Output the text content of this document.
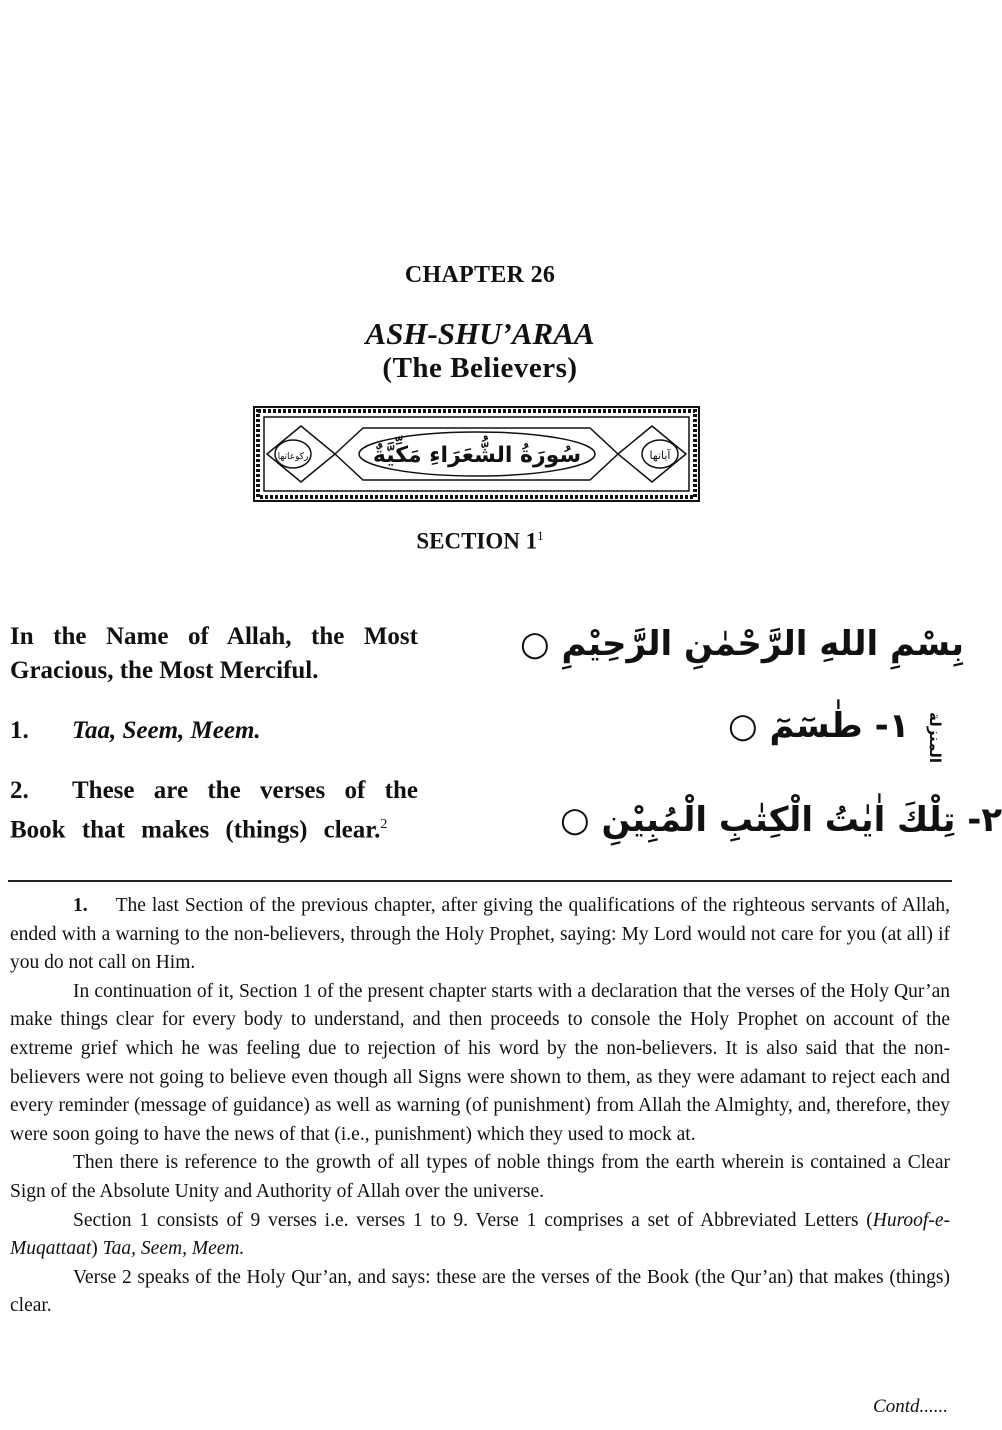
CHAPTER 26
ASH-SHU’ARAA
(The Believers)
سُورَةُ الشُّعَرَاءِ مَكِّيَّةٌ	آياتها
ركوعاتها
SECTION $1^1$
In the Name of Allah, the Most Gracious, the Most Merciful.
بِسْمِ اللهِ الرَّحْمٰنِ الرَّحِيْمِ ○
1. Taa, Seem, Meem.	١- طٰسٓمٓ ○ المنزلة
2. These are the verses of the Book that makes (things) clear.$^2$	٢- تِلْكَ اٰيٰتُ الْكِتٰبِ الْمُبِيْنِ ○

1. The last Section of the previous chapter, after giving the qualifications of the righteous servants of Allah, ended with a warning to the non-believers, through the Holy Prophet, saying: My Lord would not care for you (at all) if you do not call on Him.

In continuation of it, Section 1 of the present chapter starts with a declaration that the verses of the Holy Qur’an make things clear for every body to understand, and then proceeds to console the Holy Prophet on account of the extreme grief which he was feeling due to rejection of his word by the non-believers. It is also said that the non-believers were not going to believe even though all Signs were shown to them, as they were adamant to reject each and every reminder (message of guidance) as well as warning (of punishment) from Allah the Almighty, and, therefore, they were soon going to have the news of that (i.e., punishment) which they used to mock at.

Then there is reference to the growth of all types of noble things from the earth wherein is contained a Clear Sign of the Absolute Unity and Authority of Allah over the universe.

Section 1 consists of 9 verses i.e. verses 1 to 9. Verse 1 comprises a set of Abbreviated Letters (Huroof-e-Muqattaat) Taa, Seem, Meem.

Verse 2 speaks of the Holy Qur’an, and says: these are the verses of the Book (the Qur’an) that makes (things) clear.

Contd......
